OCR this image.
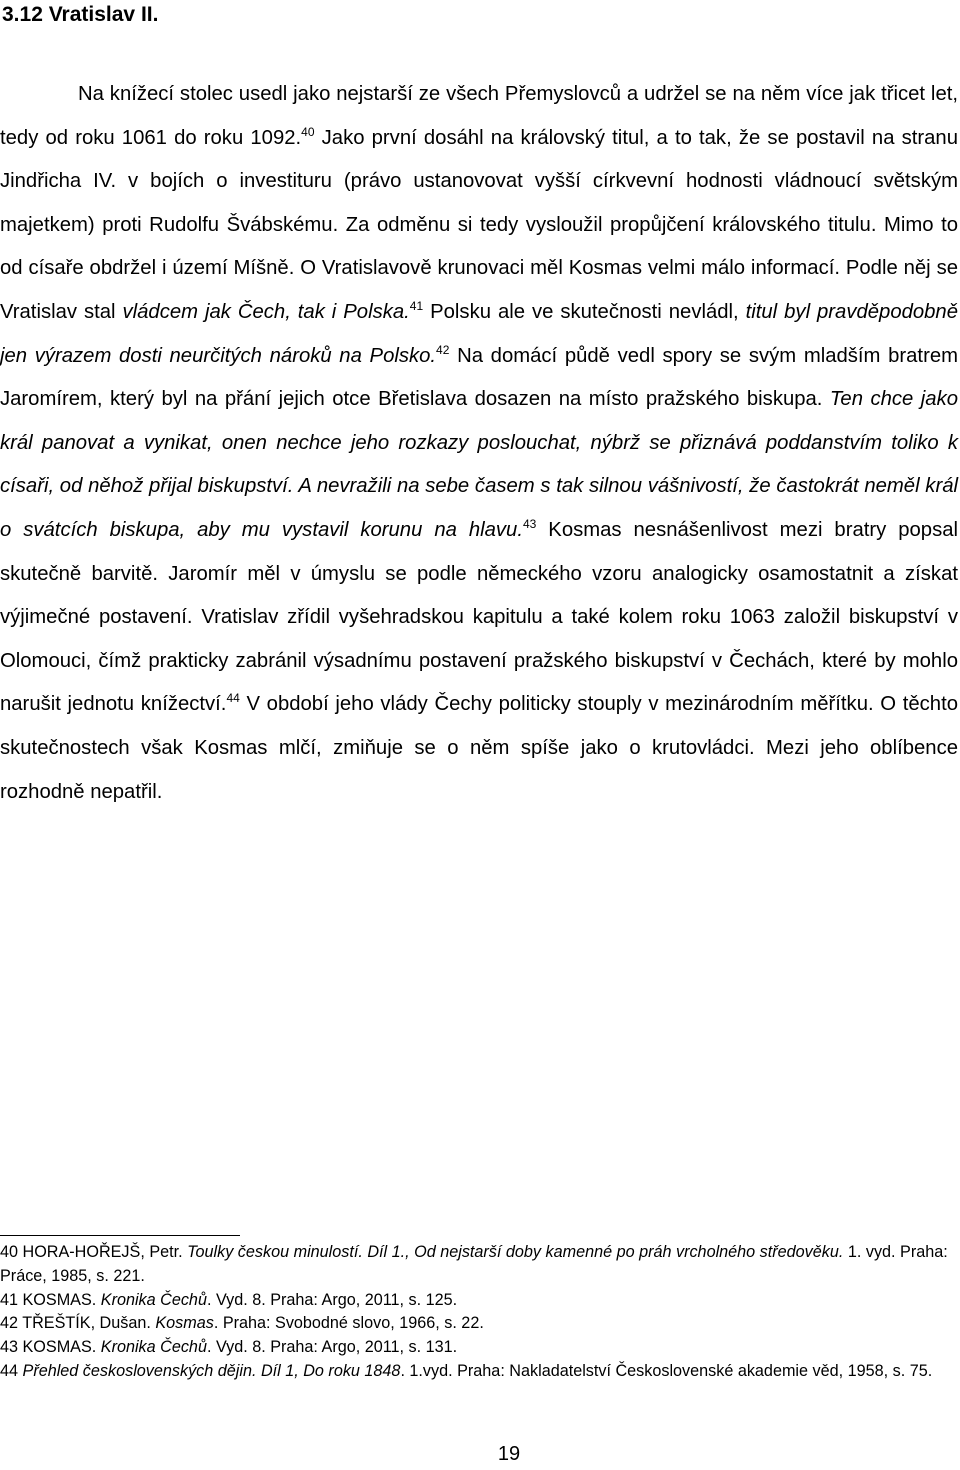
3.12 Vratislav II.

Na knížecí stolec usedl jako nejstarší ze všech Přemyslovců a udržel se na něm více jak třicet let, tedy od roku 1061 do roku 1092.40 Jako první dosáhl na královský titul, a to tak, že se postavil na stranu Jindřicha IV. v bojích o investituru (právo ustanovovat vyšší církvevní hodnosti vládnoucí světským majetkem) proti Rudolfu Švábskému. Za odměnu si tedy vysloužil propůjčení královského titulu. Mimo to od císaře obdržel i území Míšně. O Vratislavově krunovaci měl Kosmas velmi málo informací. Podle něj se Vratislav stal vládcem jak Čech, tak i Polska.$^{41}$ Polsku ale ve skutečnosti nevládl, titul byl pravděpodobně jen výrazem dosti neurčitých nároků na Polsko.$^{42}$ Na domácí půdě vedl spory se svým mladším bratrem Jaromírem, který byl na přání jejich otce Břetislava dosazen na místo pražského biskupa. Ten chce jako král panovat a vynikat, onen nechce jeho rozkazy poslouchat, nýbrž se přiznává poddanstvím toliko k císaři, od něhož přijal biskupství. A nevražili na sebe časem s tak silnou vášnivostí, že častokrát neměl král o svátcích biskupa, aby mu vystavil korunu na hlavu.$^{43}$ Kosmas nesnášenlivost mezi bratry popsal skutečně barvitě. Jaromír měl v úmyslu se podle německého vzoru analogicky osamostatnit a získat výjimečné postavení. Vratislav zřídil vyšehradskou kapitulu a také kolem roku 1063 založil biskupství v Olomouci, čímž prakticky zabránil výsadnímu postavení pražského biskupství v Čechách, které by mohlo narušit jednotu knížectví.$^{44}$ V období jeho vlády Čechy politicky stouply v mezinárodním měřítku. O těchto skutečnostech však Kosmas mlčí, zmiňuje se o něm spíše jako o krutovládci. Mezi jeho oblíbence rozhodně nepatřil.

40 HORA-HOŘEJŠ, Petr. Toulky českou minulostí. Díl 1., Od nejstarší doby kamenné po práh vrcholného středověku. 1. vyd. Praha: Práce, 1985, s. 221.

41 KOSMAS. Kronika Čechů. Vyd. 8. Praha: Argo, 2011, s. 125.

42 TŘEŠTÍK, Dušan. Kosmas. Praha: Svobodné slovo, 1966, s. 22.

43 KOSMAS. Kronika Čechů. Vyd. 8. Praha: Argo, 2011, s. 131.

44 Přehled československých dějin. Díl 1, Do roku 1848. 1.vyd. Praha: Nakladatelství Československé akademie věd, 1958, s. 75.

19
